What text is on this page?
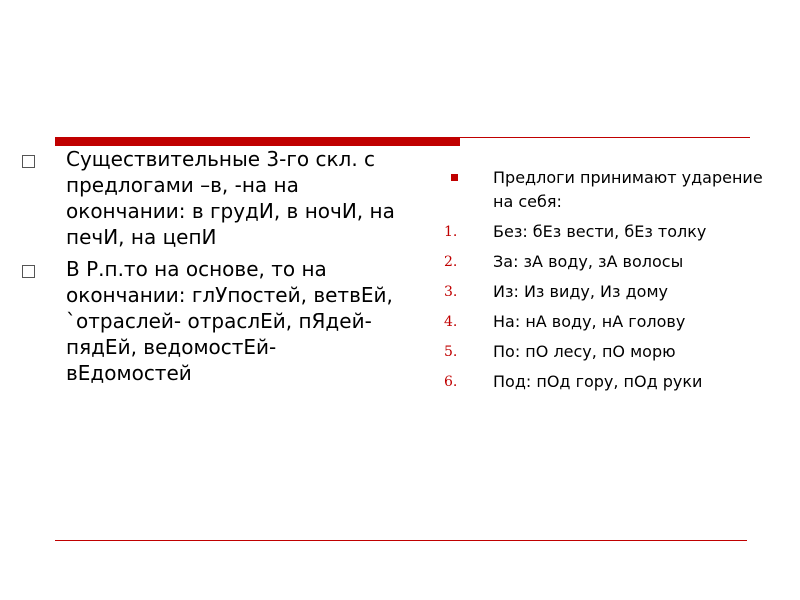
Существительные 3-го скл. с предлогами –в, -на на окончании: в грудИ, в ночИ, на печИ, на цепИ
В Р.п.то на основе, то на окончании: глУпостей, ветвЕй, `отраслей- отраслЕй, пЯдей- пядЕй, ведомостЕй- вЕдомостей
Предлоги принимают ударение на себя:
1.	Без: бЕз вести, бЕз толку
2.	За: зА воду, зА волосы
3.	Из: Из виду, Из дому
4.	На: нА воду, нА голову
5.	По: пО лесу, пО морю
6.	Под: пОд гору, пОд руки
